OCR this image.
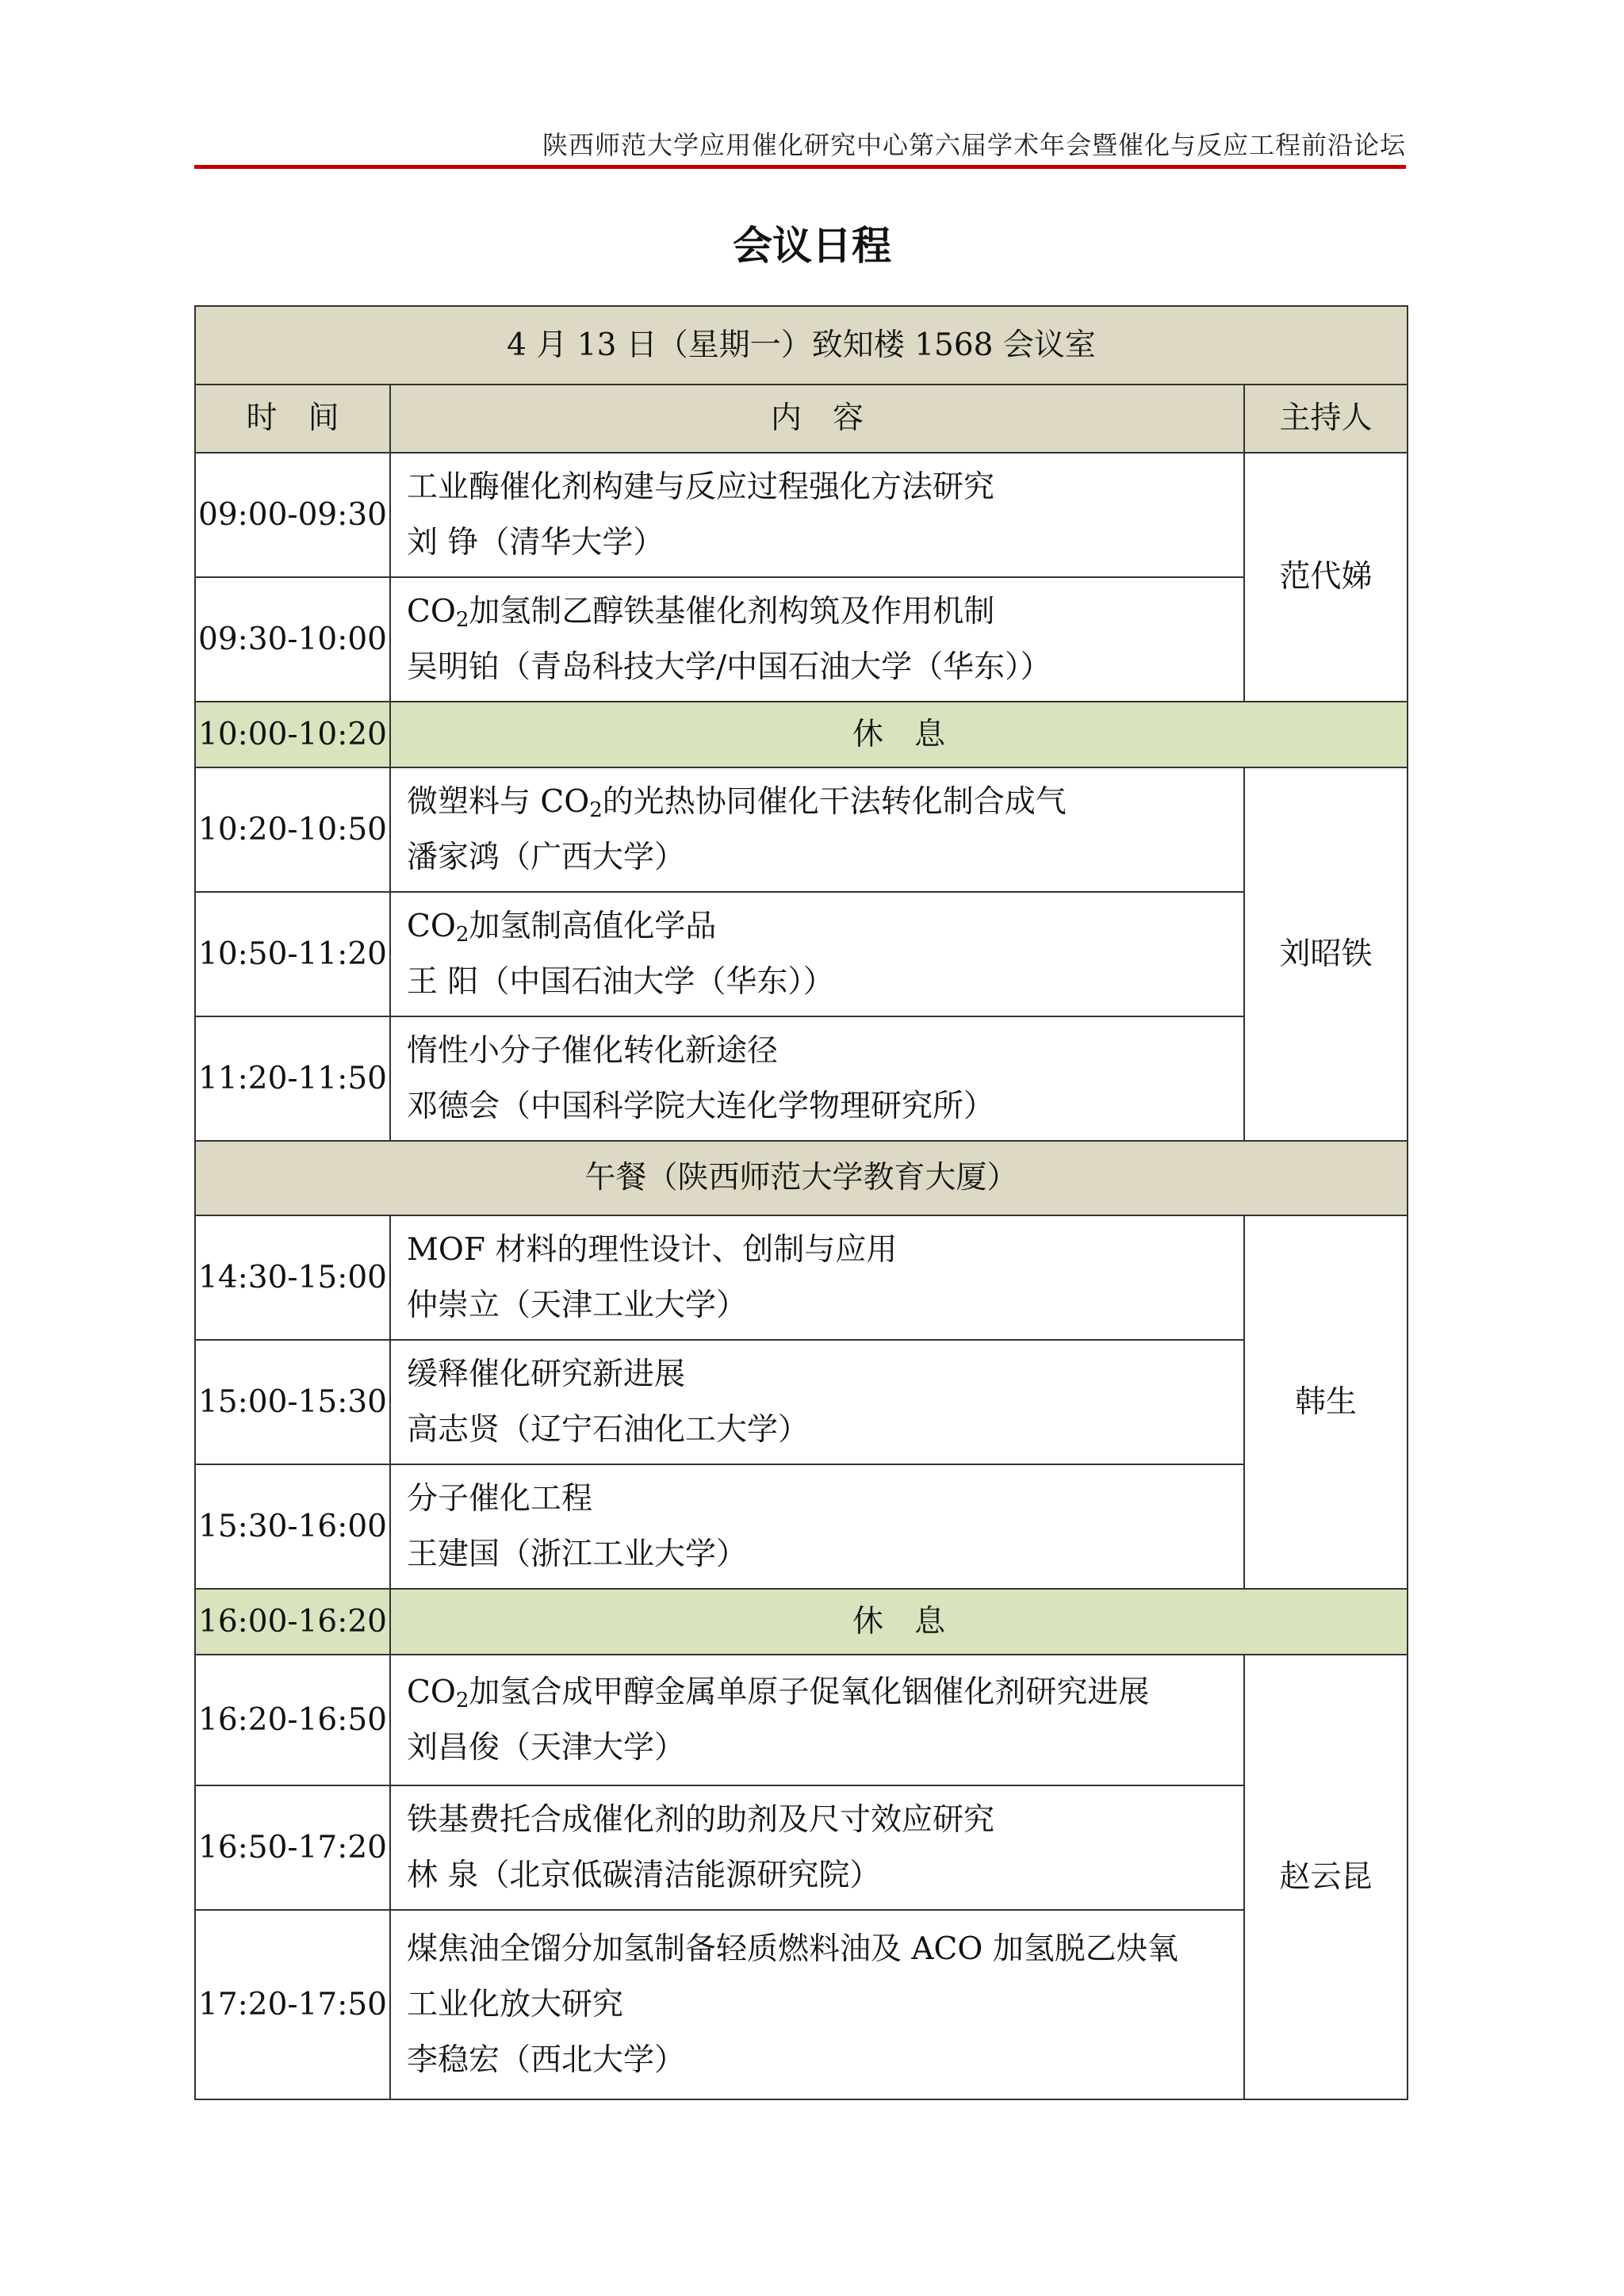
陕西师范大学应用催化研究中心第六届学术年会暨催化与反应工程前沿论坛
会议日程
4 月 13 日（星期一）致知楼 1568 会议室		
时　间	内　容	主持人
09:00-09:30	工业酶催化剂构建与反应过程强化方法研究
刘 铮（清华大学）	范代娣
09:30-10:00	$CO_2$加氢制乙醇铁基催化剂构筑及作用机制
吴明铂（青岛科技大学/中国石油大学（华东））	

10:00-10:20	休　息	
10:20-10:50	微塑料与 $CO_2$的光热协同催化干法转化制合成气
潘家鸿（广西大学）	刘昭铁
10:50-11:20	$CO_2$加氢制高值化学品
王 阳（中国石油大学（华东））	

11:20-11:50	惰性小分子催化转化新途径
邓德会（中国科学院大连化学物理研究所）	

午餐（陕西师范大学教育大厦）		
14:30-15:00	MOF 材料的理性设计、创制与应用
仲崇立（天津工业大学）	韩生
15:00-15:30	缓释催化研究新进展
高志贤（辽宁石油化工大学）	

15:30-16:00	分子催化工程
王建国（浙江工业大学）	

16:00-16:20	休　息	
16:20-16:50	$CO_2$加氢合成甲醇金属单原子促氧化铟催化剂研究进展
刘昌俊（天津大学）	赵云昆
16:50-17:20	铁基费托合成催化剂的助剂及尺寸效应研究
林 泉（北京低碳清洁能源研究院）	

17:20-17:50	煤焦油全馏分加氢制备轻质燃料油及 ACO 加氢脱乙炔氧
工业化放大研究
李稳宏（西北大学）	
